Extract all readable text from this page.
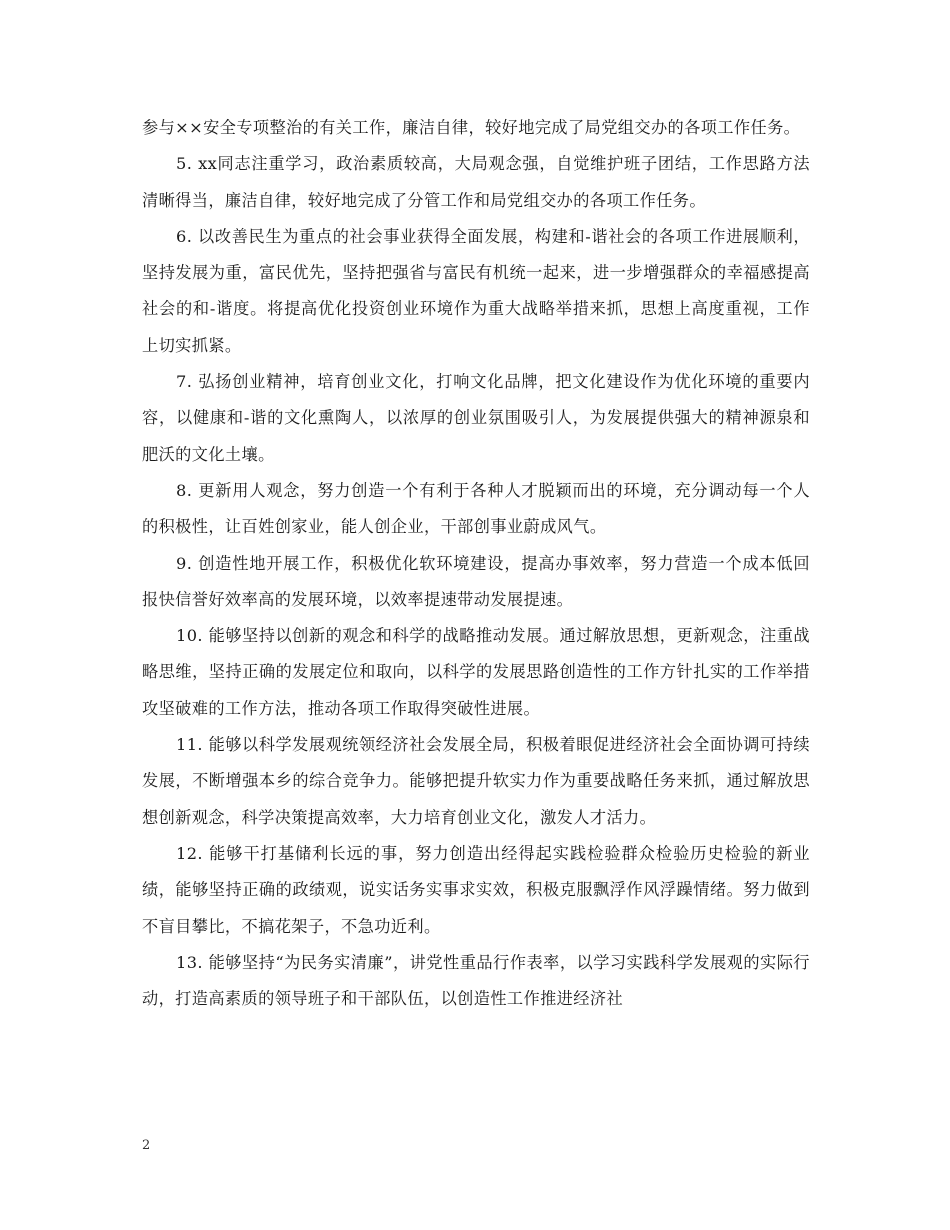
参与××安全专项整治的有关工作，廉洁自律，较好地完成了局党组交办的各项工作任务。

5. xx同志注重学习，政治素质较高，大局观念强，自觉维护班子团结，工作思路方法清晰得当，廉洁自律，较好地完成了分管工作和局党组交办的各项工作任务。

6. 以改善民生为重点的社会事业获得全面发展，构建和-谐社会的各项工作进展顺利，坚持发展为重，富民优先，坚持把强省与富民有机统一起来，进一步增强群众的幸福感提高社会的和-谐度。将提高优化投资创业环境作为重大战略举措来抓，思想上高度重视，工作上切实抓紧。

7. 弘扬创业精神，培育创业文化，打响文化品牌，把文化建设作为优化环境的重要内容，以健康和-谐的文化熏陶人，以浓厚的创业氛围吸引人，为发展提供强大的精神源泉和肥沃的文化土壤。

8. 更新用人观念，努力创造一个有利于各种人才脱颖而出的环境，充分调动每一个人的积极性，让百姓创家业，能人创企业，干部创事业蔚成风气。

9. 创造性地开展工作，积极优化软环境建设，提高办事效率，努力营造一个成本低回报快信誉好效率高的发展环境，以效率提速带动发展提速。

10. 能够坚持以创新的观念和科学的战略推动发展。通过解放思想，更新观念，注重战略思维，坚持正确的发展定位和取向，以科学的发展思路创造性的工作方针扎实的工作举措攻坚破难的工作方法，推动各项工作取得突破性进展。

11. 能够以科学发展观统领经济社会发展全局，积极着眼促进经济社会全面协调可持续发展，不断增强本乡的综合竞争力。能够把提升软实力作为重要战略任务来抓，通过解放思想创新观念，科学决策提高效率，大力培育创业文化，激发人才活力。

12. 能够干打基储利长远的事，努力创造出经得起实践检验群众检验历史检验的新业绩，能够坚持正确的政绩观，说实话务实事求实效，积极克服飘浮作风浮躁情绪。努力做到不盲目攀比，不搞花架子，不急功近利。

13. 能够坚持“为民务实清廉”，讲党性重品行作表率，以学习实践科学发展观的实际行动，打造高素质的领导班子和干部队伍，以创造性工作推进经济社

2
